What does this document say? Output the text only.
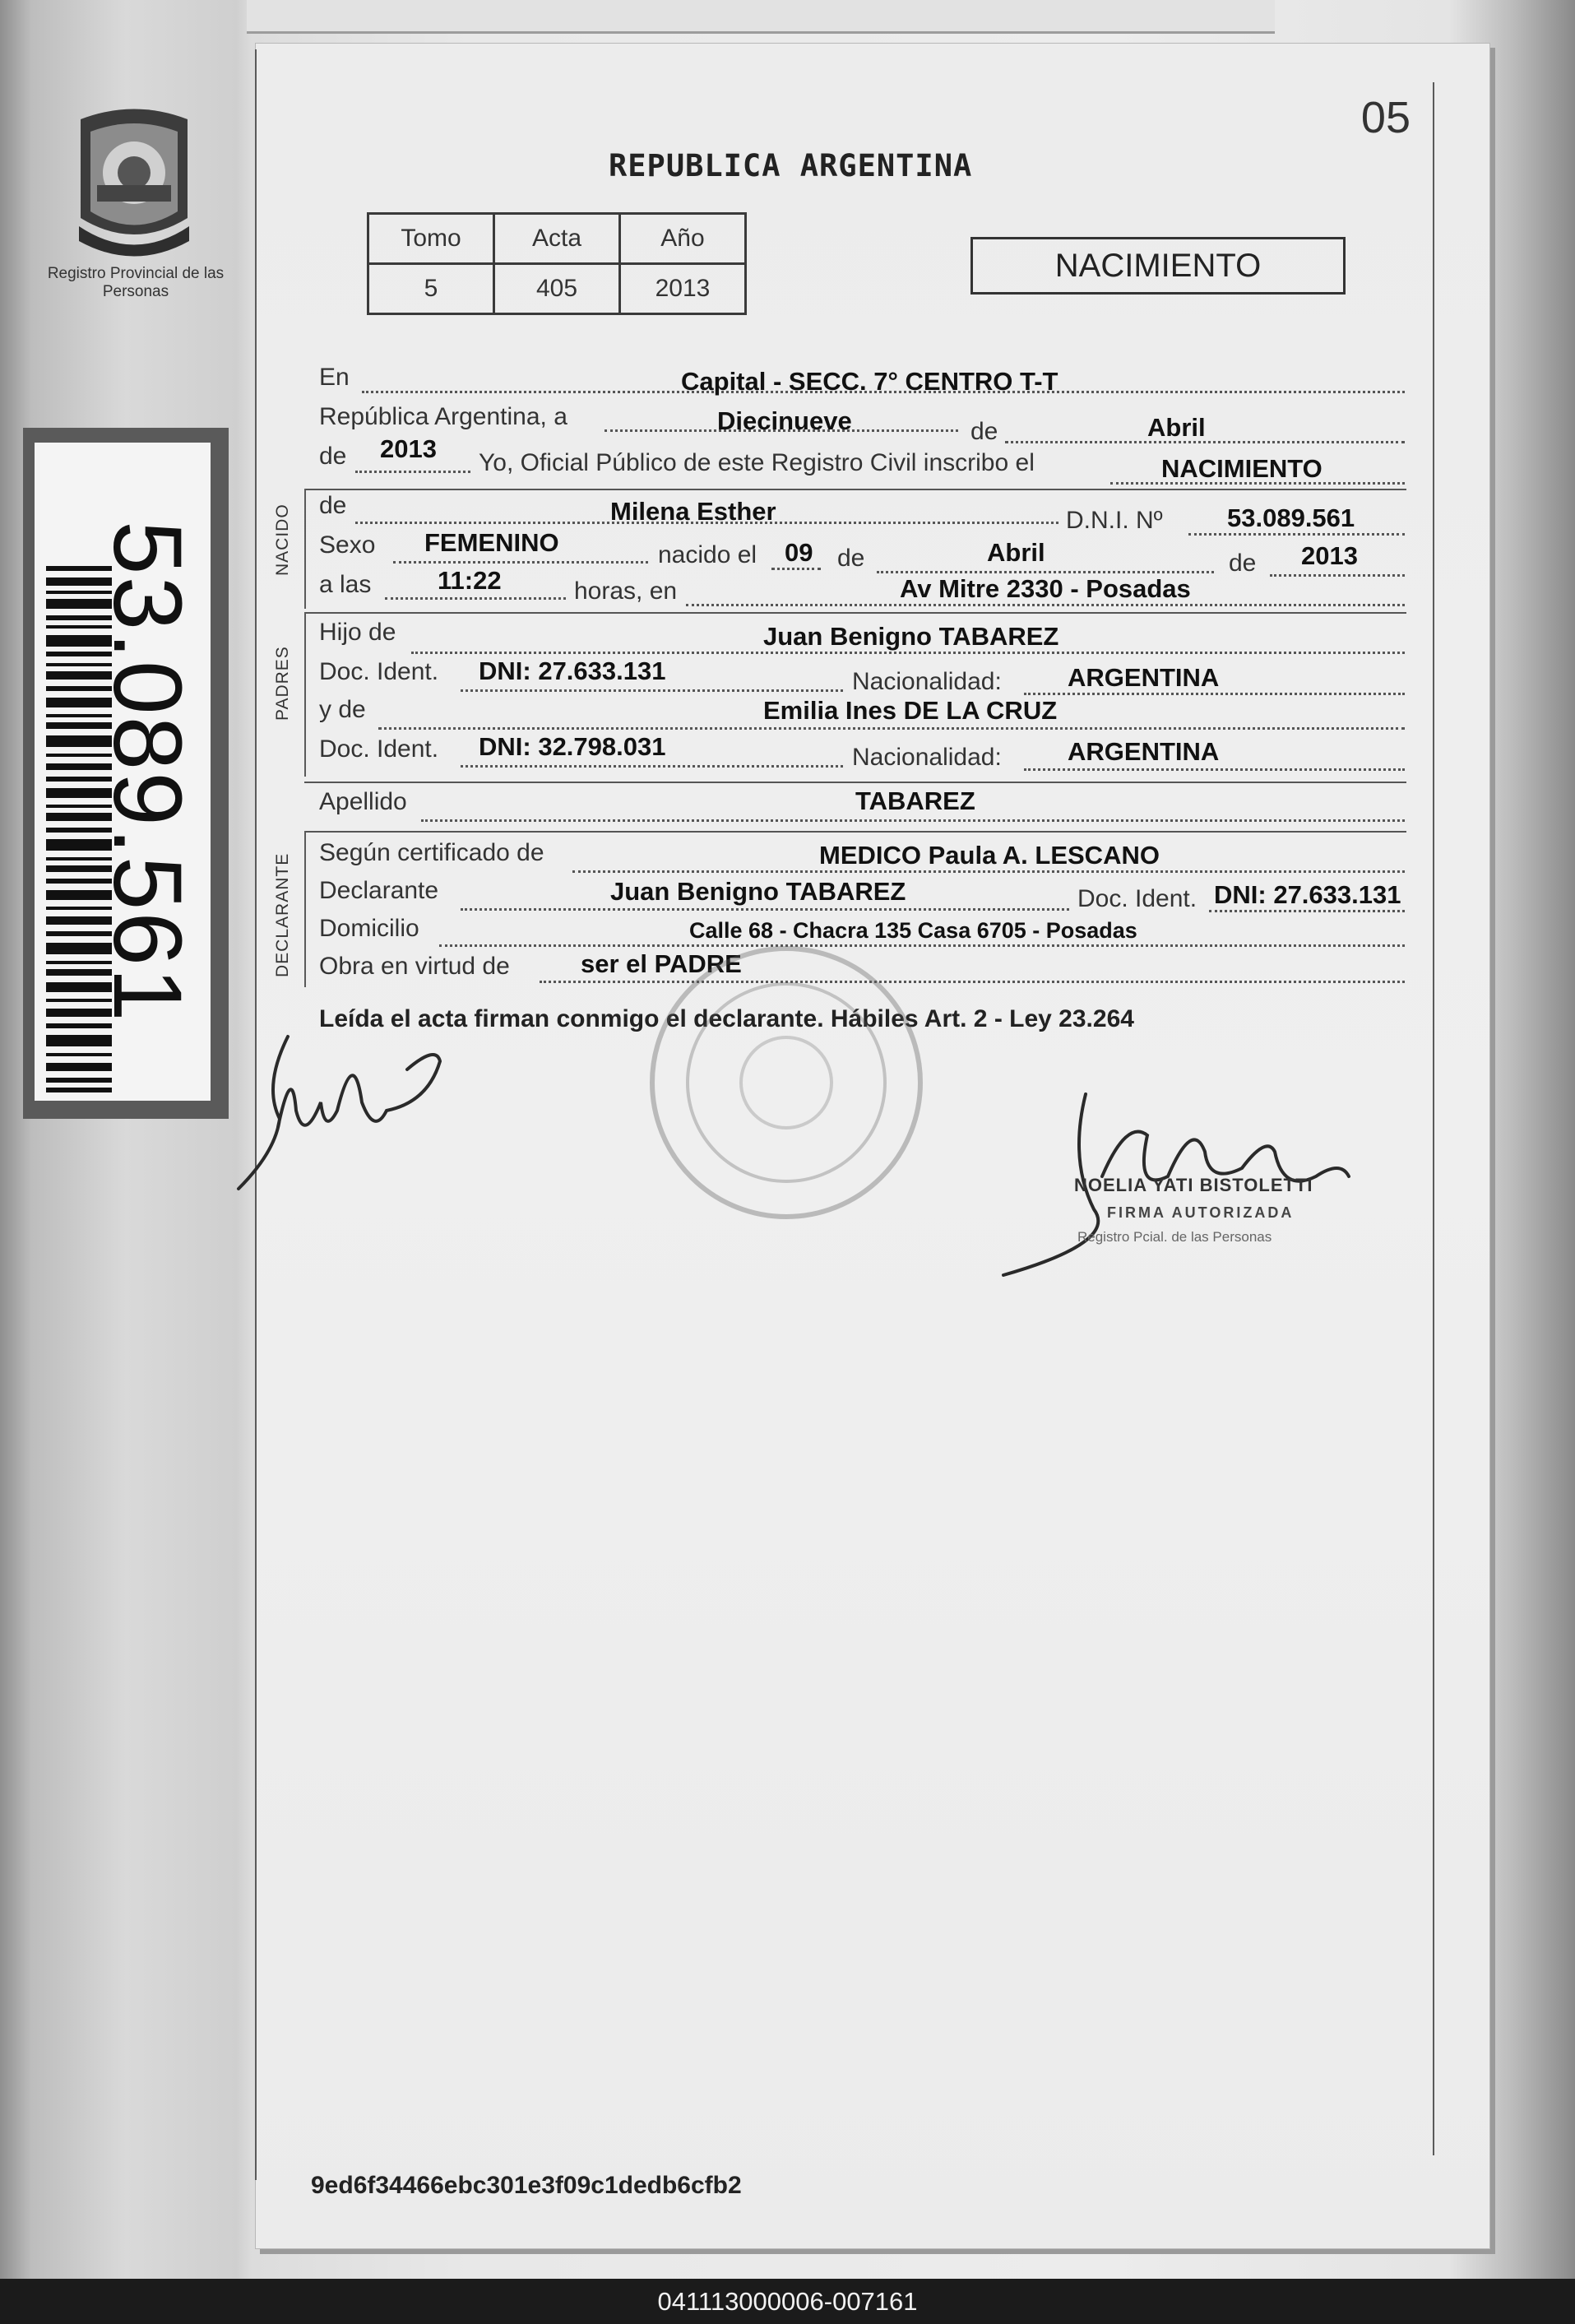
Registro Provincial de las Personas
53.089.561
05
REPUBLICA ARGENTINA
Tomo	Acta	Año
5	405	2013
NACIMIENTO
En	Capital - SECC. 7° CENTRO T-T
República Argentina, a	Diecinueve	de	Abril
de 2013 Yo, Oficial Público de este Registro Civil inscribo el	NACIMIENTO
NACIDO de	Milena Esther	D.N.I. Nº	53.089.561
Sexo FEMENINO	nacido el 09 de	Abril	de 2013
a las	11:22	horas, en	Av Mitre 2330 - Posadas
PADRES
Hijo de	Juan Benigno TABAREZ
Doc. Ident. DNI: 27.633.131	Nacionalidad:	ARGENTINA
y de	Emilia Ines DE LA CRUZ
Doc. Ident. DNI: 32.798.031	Nacionalidad:	ARGENTINA
Apellido	TABAREZ
DECLARANTE
Según certificado de	MEDICO Paula A. LESCANO
Declarante	Juan Benigno TABAREZ	Doc. Ident. DNI: 27.633.131
Domicilio	Calle 68 - Chacra 135 Casa 6705 - Posadas
Obra en virtud de	ser el PADRE
Leída el acta firman conmigo el declarante. Hábiles Art. 2 - Ley 23.264
NOELIA YATI BISTOLETTI
FIRMA AUTORIZADA
Registro Pcial. de las Personas
9ed6f34466ebc301e3f09c1dedb6cfb2
041113000006-007161
